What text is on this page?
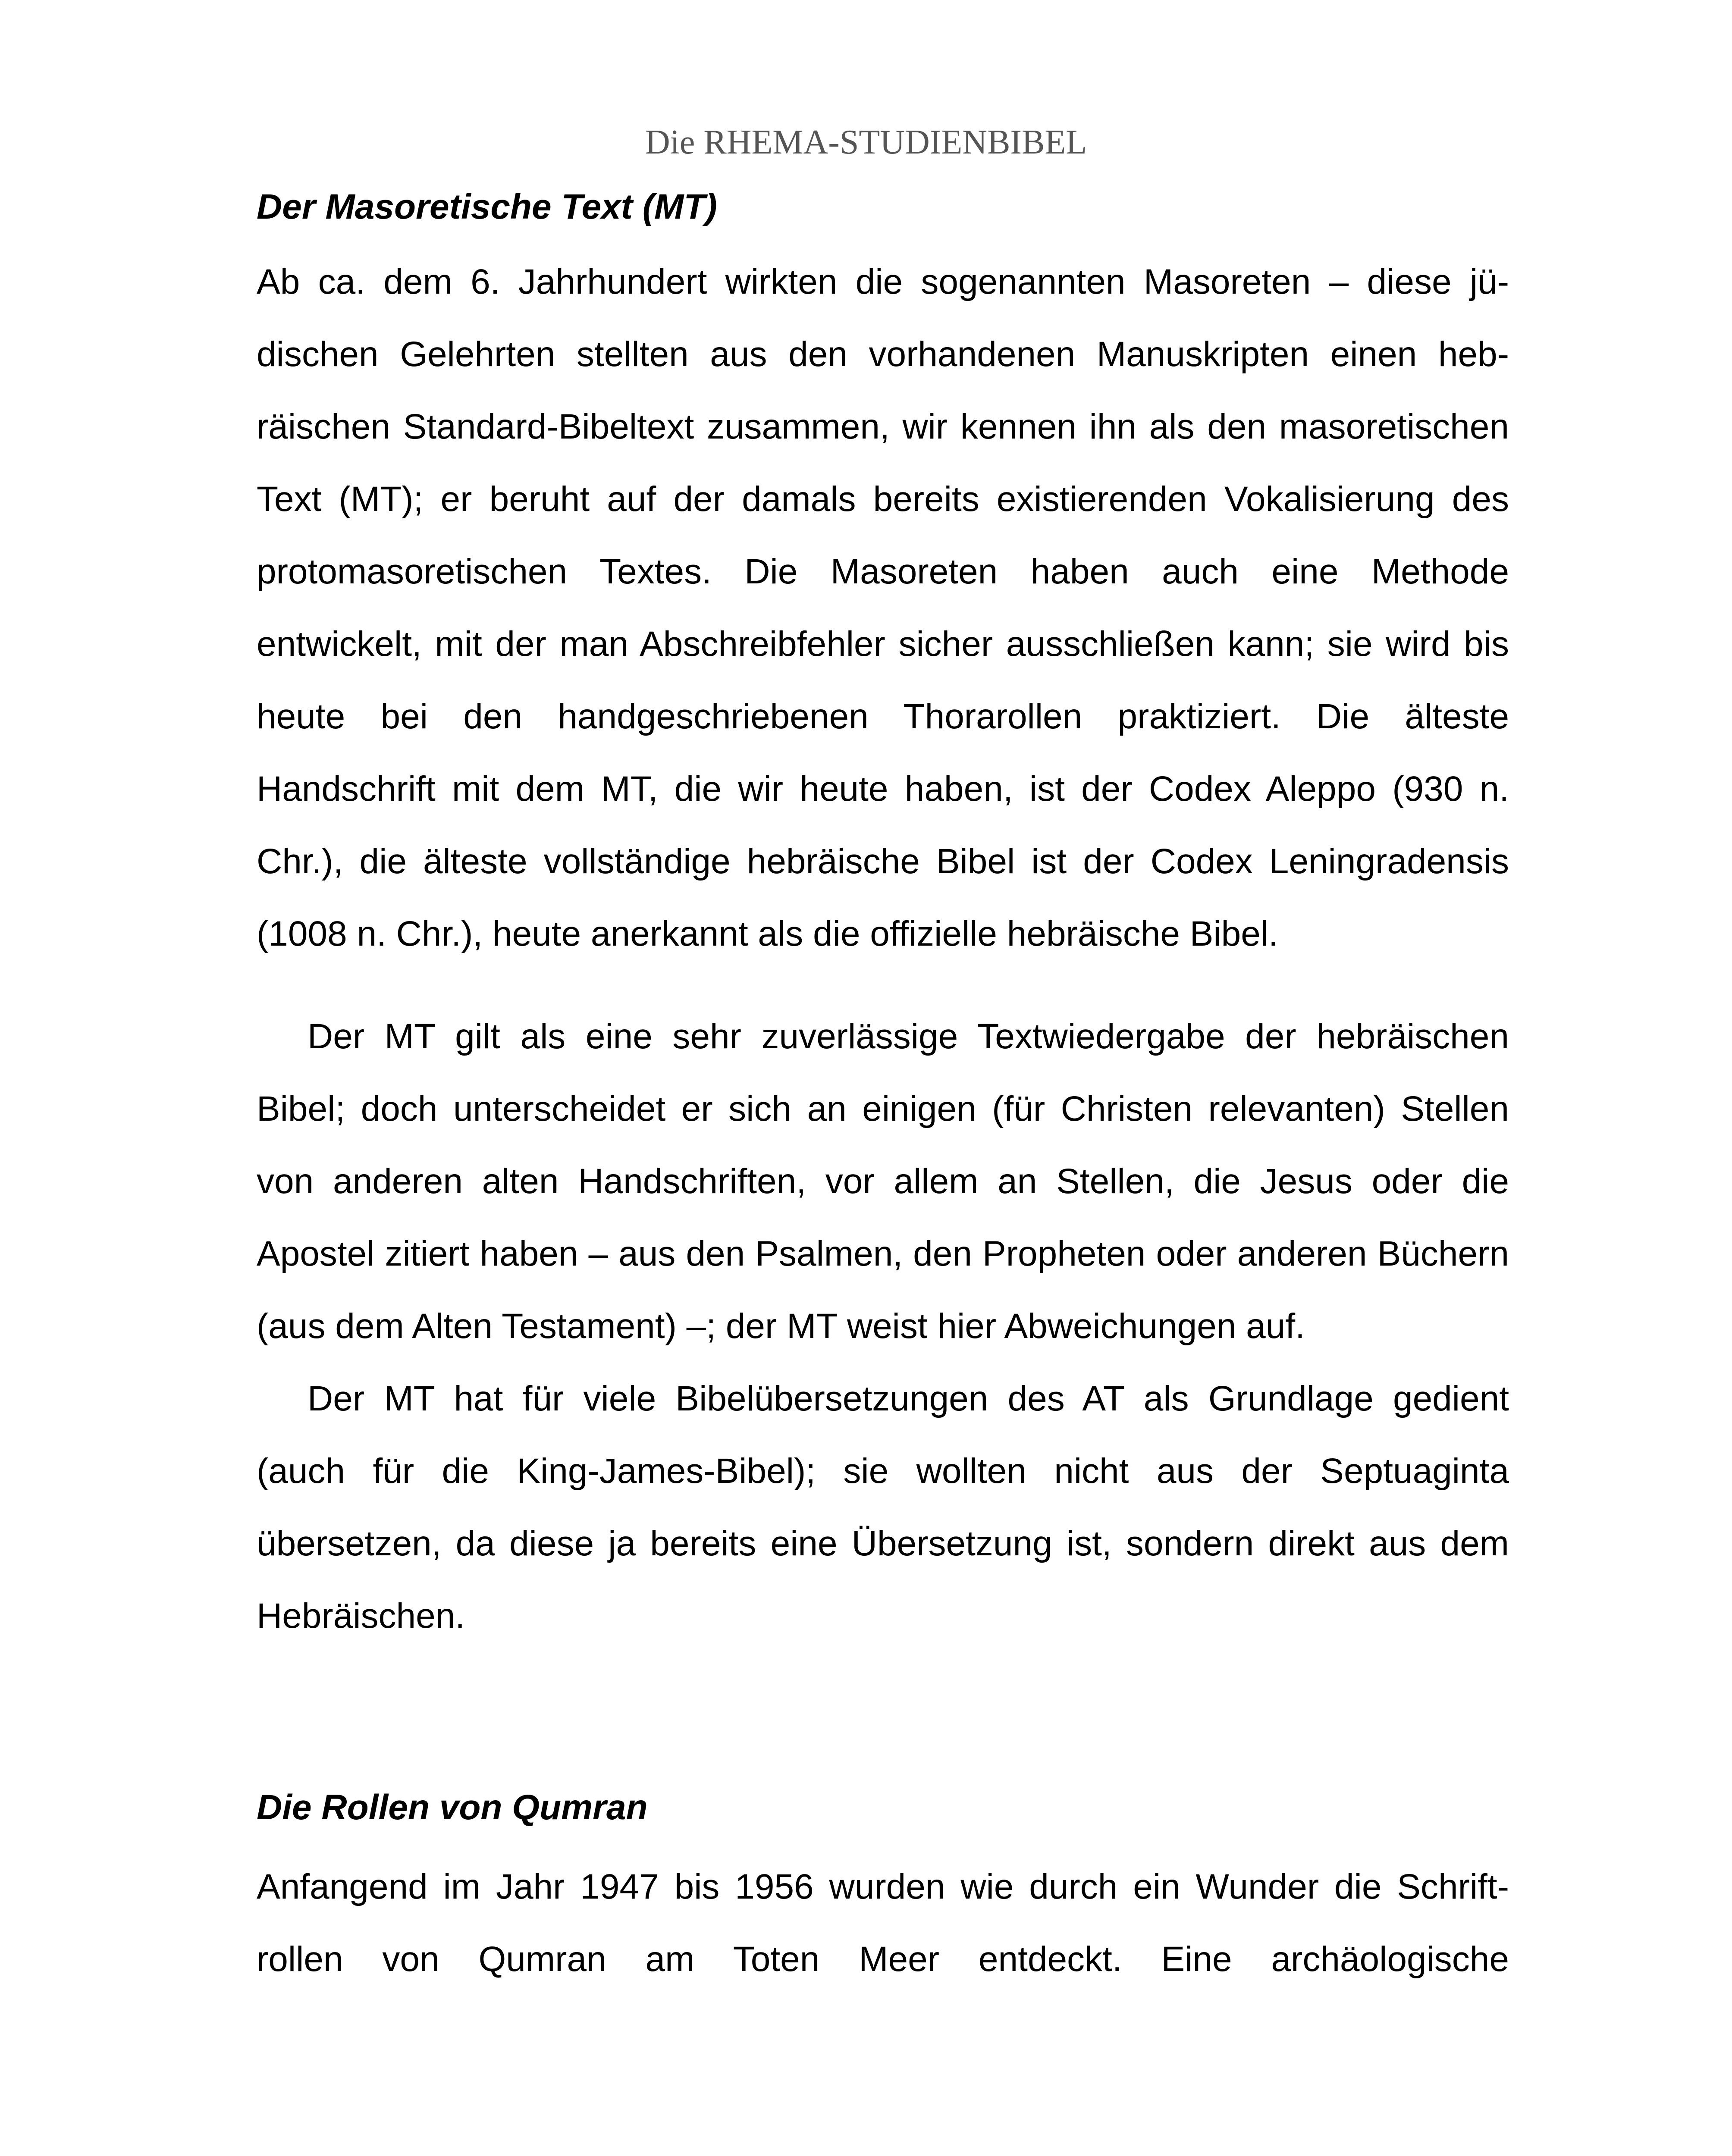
Die RHEMA-STUDIENBIBEL
Der Masoretische Text (MT)

Ab ca. dem 6. Jahrhundert wirkten die sogenannten Masoreten – diese jüdischen Gelehrten stellten aus den vorhandenen Manuskripten einen hebräischen Standard-Bibeltext zusammen, wir kennen ihn als den masoretischen Text (MT); er beruht auf der damals bereits existierenden Vokalisierung des protomasoretischen Textes. Die Masoreten haben auch eine Methode entwickelt, mit der man Abschreibfehler sicher ausschließen kann; sie wird bis heute bei den handgeschriebenen Thorarollen praktiziert. Die älteste Handschrift mit dem MT, die wir heute haben, ist der Codex Aleppo (930 n. Chr.), die älteste vollständige hebräische Bibel ist der Codex Leningradensis (1008 n. Chr.), heute anerkannt als die offizielle hebräische Bibel.

Der MT gilt als eine sehr zuverlässige Textwiedergabe der hebräischen Bibel; doch unterscheidet er sich an einigen (für Christen relevanten) Stellen von anderen alten Handschriften, vor allem an Stellen, die Jesus oder die Apostel zitiert haben – aus den Psalmen, den Propheten oder anderen Büchern (aus dem Alten Testament) –; der MT weist hier Abweichungen auf.

Der MT hat für viele Bibelübersetzungen des AT als Grundlage gedient (auch für die King-James-Bibel); sie wollten nicht aus der Septuaginta übersetzen, da diese ja bereits eine Übersetzung ist, sondern direkt aus dem Hebräischen.

Die Rollen von Qumran

Anfangend im Jahr 1947 bis 1956 wurden wie durch ein Wunder die Schriftrollen von Qumran am Toten Meer entdeckt. Eine archäologische
